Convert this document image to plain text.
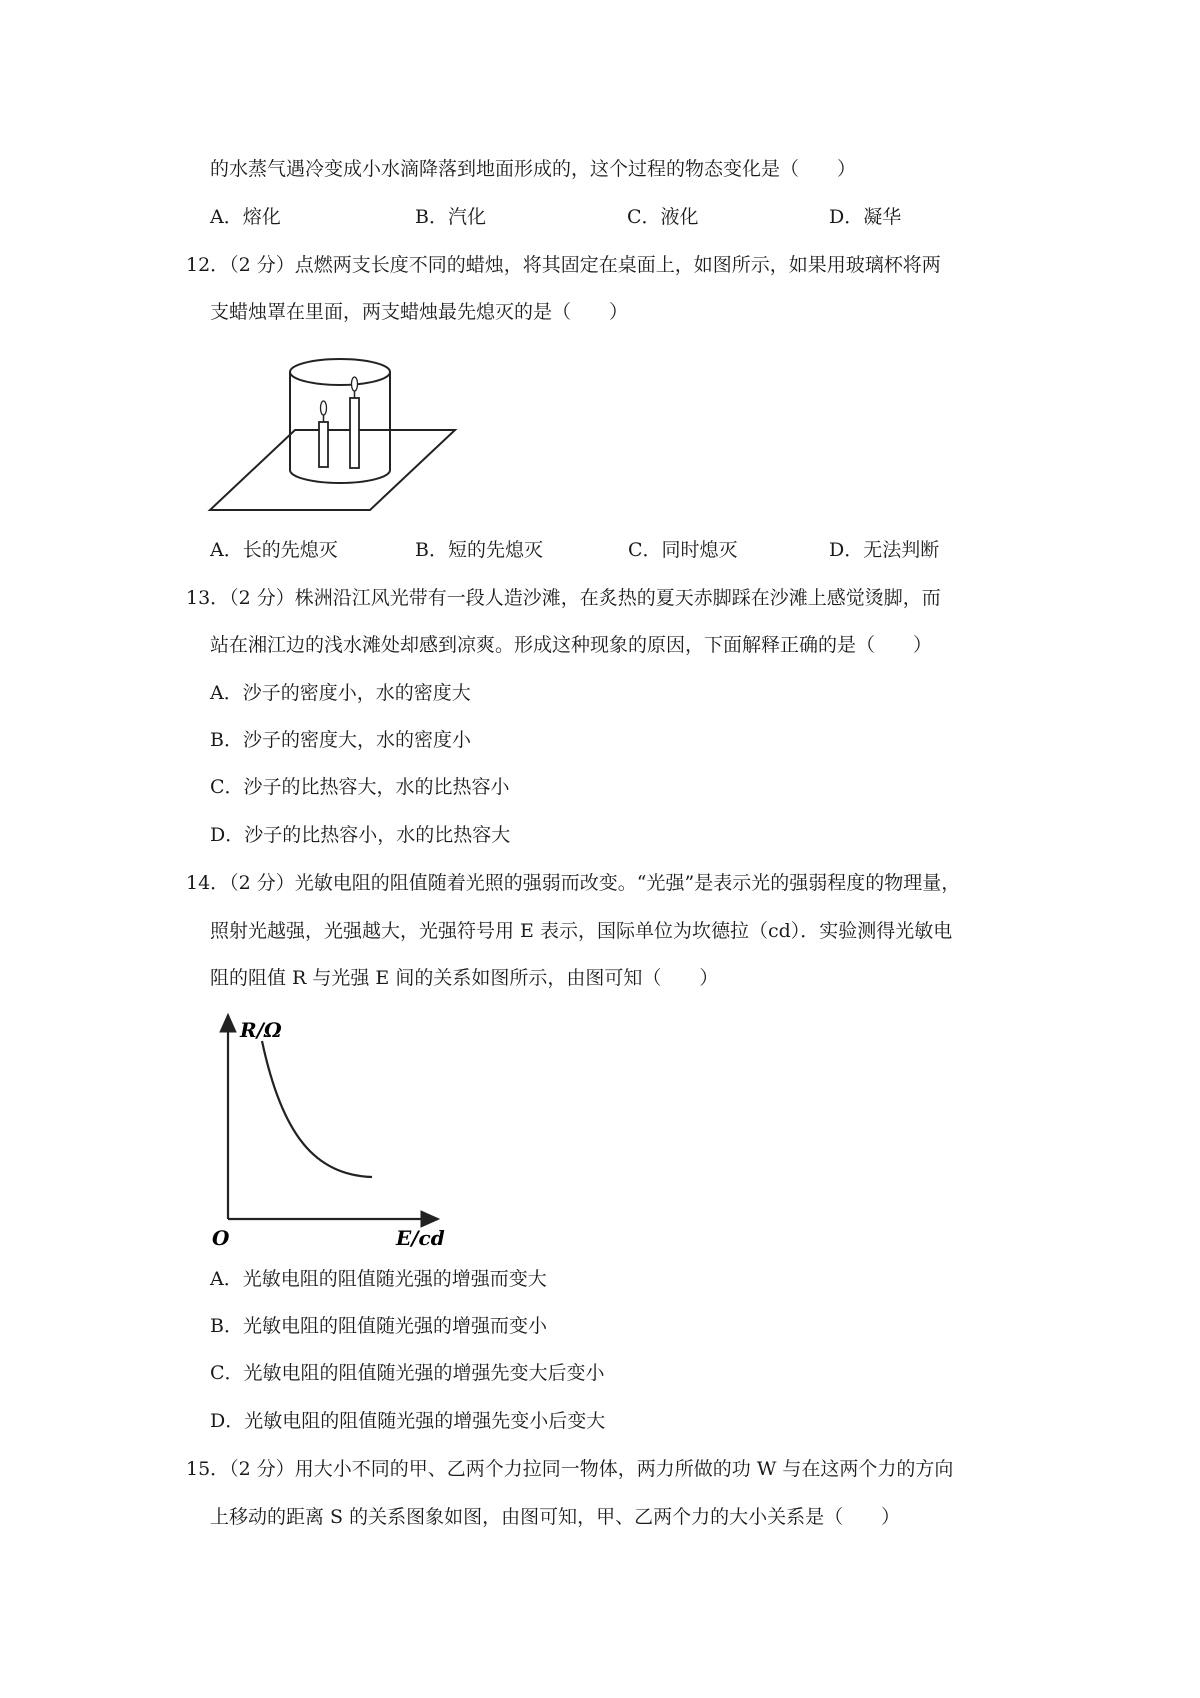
的水蒸气遇冷变成小水滴降落到地面形成的，这个过程的物态变化是（　　）
A．熔化	B．汽化	C．液化	D．凝华
12．（2 分）点燃两支长度不同的蜡烛，将其固定在桌面上，如图所示，如果用玻璃杯将两
支蜡烛罩在里面，两支蜡烛最先熄灭的是（　　）
A．长的先熄灭	B．短的先熄灭	C．同时熄灭	D．无法判断
13．（2 分）株洲沿江风光带有一段人造沙滩，在炙热的夏天赤脚踩在沙滩上感觉烫脚，而
站在湘江边的浅水滩处却感到凉爽。形成这种现象的原因，下面解释正确的是（　　）
A．沙子的密度小，水的密度大
B．沙子的密度大，水的密度小
C．沙子的比热容大，水的比热容小
D．沙子的比热容小，水的比热容大
14．（2 分）光敏电阻的阻值随着光照的强弱而改变。“光强”是表示光的强弱程度的物理量，
照射光越强，光强越大，光强符号用 E 表示，国际单位为坎德拉（cd）．实验测得光敏电
阻的阻值 R 与光强 E 间的关系如图所示，由图可知（　　）
R/Ω
O	E/cd
A．光敏电阻的阻值随光强的增强而变大
B．光敏电阻的阻值随光强的增强而变小
C．光敏电阻的阻值随光强的增强先变大后变小
D．光敏电阻的阻值随光强的增强先变小后变大
15．（2 分）用大小不同的甲、乙两个力拉同一物体，两力所做的功 W 与在这两个力的方向
上移动的距离 S 的关系图象如图，由图可知，甲、乙两个力的大小关系是（　　）
